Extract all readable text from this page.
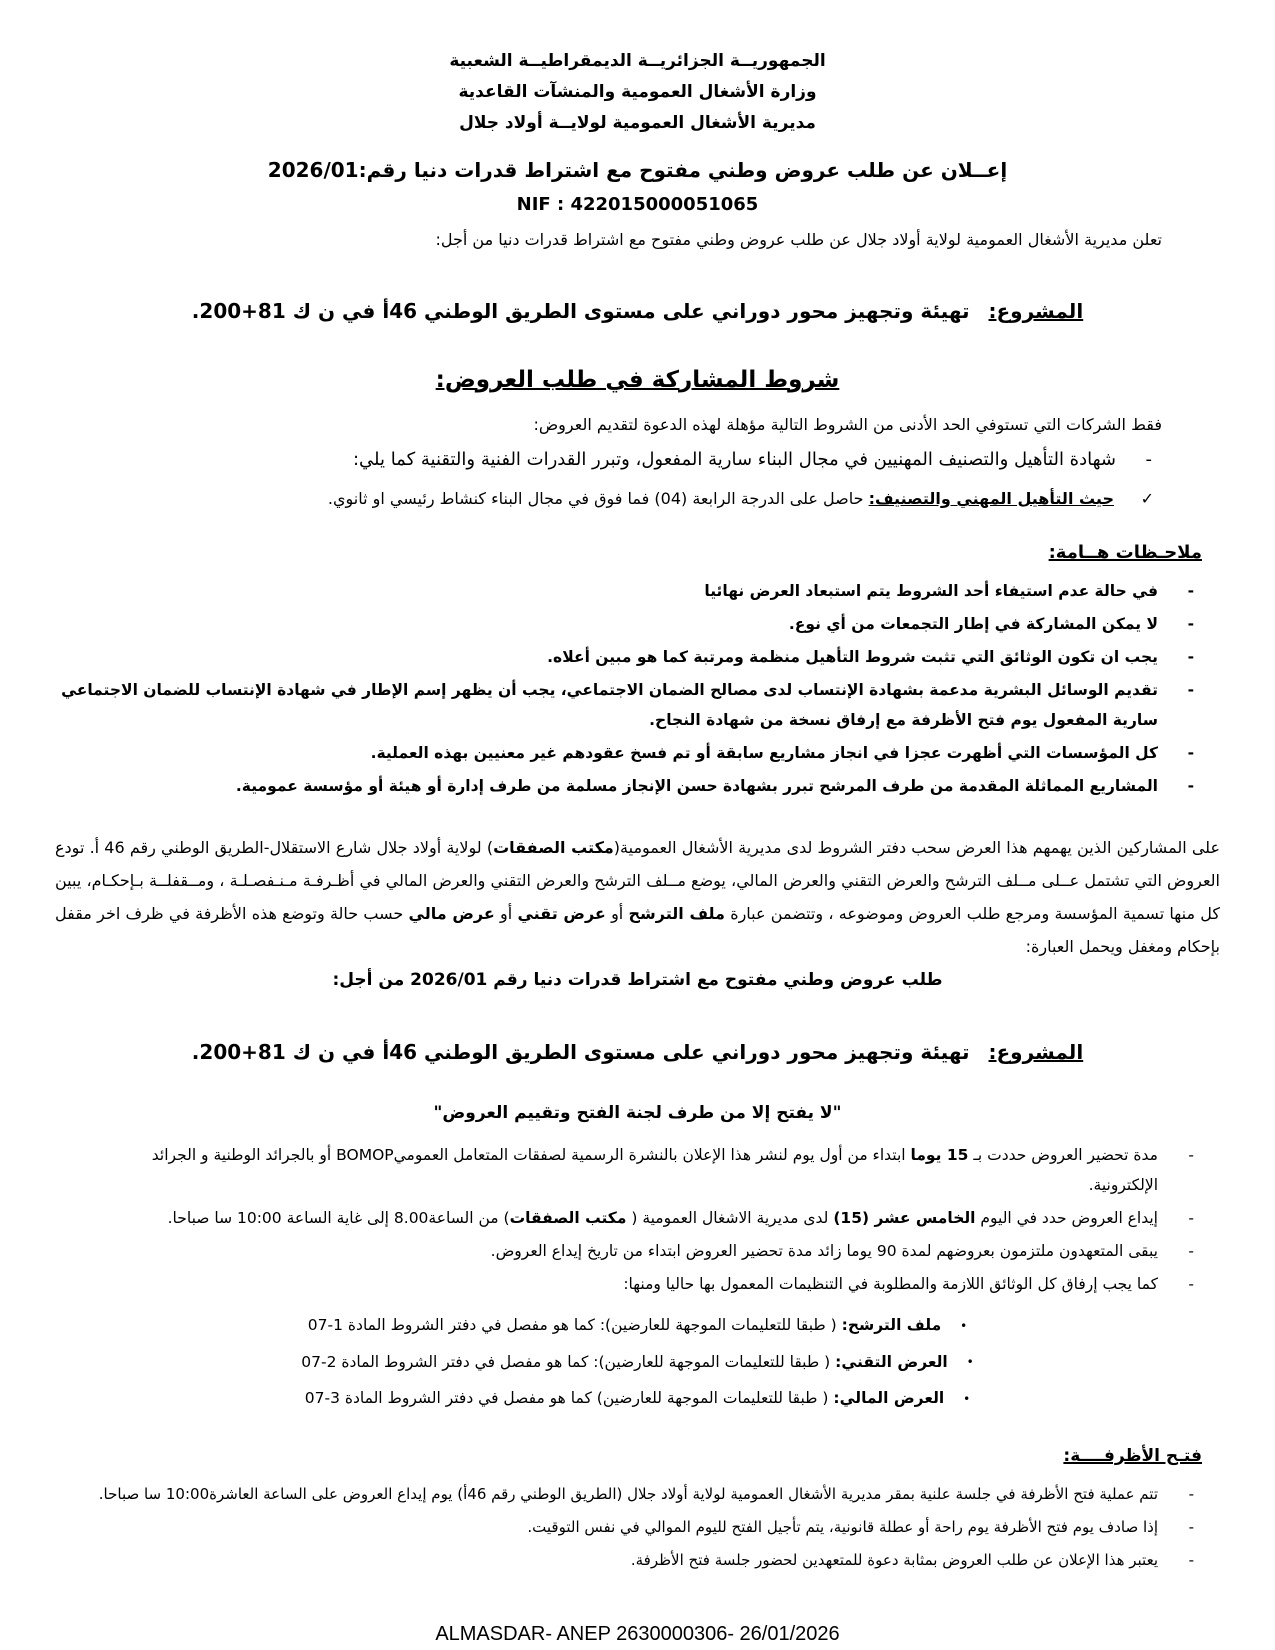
الجمهوريــة الجزائريــة الديمقراطيــة الشعبية
وزارة الأشغال العمومية والمنشآت القاعدية
مديرية الأشغال العمومية لولايــة أولاد جلال
إعــلان عن طلب عروض وطني مفتوح مع اشتراط قدرات دنيا رقم:2026/01
NIF : 422015000051065
تعلن مديرية الأشغال العمومية لولاية أولاد جلال عن طلب عروض وطني مفتوح مع اشتراط قدرات دنيا من أجل:
المشروع: تهيئة وتجهيز محور دوراني على مستوى الطريق الوطني 46أ في ن ك 81+200.
شروط المشاركة في طلب العروض:
فقط الشركات التي تستوفي الحد الأدنى من الشروط التالية مؤهلة لهذه الدعوة لتقديم العروض:
-
شهادة التأهيل والتصنيف المهنيين في مجال البناء سارية المفعول، وتبرر القدرات الفنية والتقنية كما يلي:
✓
حيث التأهيل المهني والتصنيف: حاصل على الدرجة الرابعة (04) فما فوق في مجال البناء كنشاط رئيسي او ثانوي.
ملاحـظات هــامة:
-
في حالة عدم استيفاء أحد الشروط يتم استبعاد العرض نهائيا
-
لا يمكن المشاركة في إطار التجمعات من أي نوع.
-
يجب ان تكون الوثائق التي تثبت شروط التأهيل منظمة ومرتبة كما هو مبين أعلاه.
-
تقديم الوسائل البشرية مدعمة بشهادة الإنتساب لدى مصالح الضمان الاجتماعي، يجب أن يظهر إسم الإطار في شهادة الإنتساب للضمان الاجتماعي سارية المفعول يوم فتح الأظرفة مع إرفاق نسخة من شهادة النجاح.
-
كل المؤسسات التي أظهرت عجزا في انجاز مشاريع سابقة أو تم فسخ عقودهم غير معنيين بهذه العملية.
-
المشاريع المماثلة المقدمة من طرف المرشح تبرر بشهادة حسن الإنجاز مسلمة من طرف إدارة أو هيئة أو مؤسسة عمومية.
على المشاركين الذين يهمهم هذا العرض سحب دفتر الشروط لدى مديرية الأشغال العمومية(مكتب الصفقات) لولاية أولاد جلال شارع الاستقلال-الطريق الوطني رقم 46 أ. تودع العروض التي تشتمل عــلى مــلف الترشح والعرض التقني والعرض المالي، يوضع مــلف الترشح والعرض التقني والعرض المالي في أظـرفـة مـنـفصـلـة ، ومــقفلــة بـإحكـام، يبين كل منها تسمية المؤسسة ومرجع طلب العروض وموضوعه ، وتتضمن عبارة ملف الترشح أو عرض تقني أو عرض مالي حسب حالة وتوضع هذه الأظرفة في ظرف اخر مقفل بإحكام ومغفل ويحمل العبارة:
طلب عروض وطني مفتوح مع اشتراط قدرات دنيا رقم 2026/01 من أجل:
المشروع: تهيئة وتجهيز محور دوراني على مستوى الطريق الوطني 46أ في ن ك 81+200.
"لا يفتح إلا من طرف لجنة الفتح وتقييم العروض"
-
مدة تحضير العروض حددت بـ 15 يوما ابتداء من أول يوم لنشر هذا الإعلان بالنشرة الرسمية لصفقات المتعامل العموميBOMOP أو بالجرائد الوطنية و الجرائد
الإلكترونية.
-
إيداع العروض حدد في اليوم الخامس عشر (15) لدى مديرية الاشغال العمومية ( مكتب الصفقات) من الساعة8.00 إلى غاية الساعة 10:00 سا صباحا.
-
يبقى المتعهدون ملتزمون بعروضهم لمدة 90 يوما زائد مدة تحضير العروض ابتداء من تاريخ إيداع العروض.
-
كما يجب إرفاق كل الوثائق اللازمة والمطلوبة في التنظيمات المعمول بها حاليا ومنها:
• ملف الترشح: ( طبقا للتعليمات الموجهة للعارضين): كما هو مفصل في دفتر الشروط المادة 1-07
• العرض التقني: ( طبقا للتعليمات الموجهة للعارضين): كما هو مفصل في دفتر الشروط المادة 2-07
• العرض المالي: ( طبقا للتعليمات الموجهة للعارضين) كما هو مفصل في دفتر الشروط المادة 3-07
فتـح الأظرفــــة:
-
تتم عملية فتح الأظرفة في جلسة علنية بمقر مديرية الأشغال العمومية لولاية أولاد جلال (الطريق الوطني رقم 46أ) يوم إيداع العروض على الساعة العاشرة10:00 سا صباحا.
-
إذا صادف يوم فتح الأظرفة يوم راحة أو عطلة قانونية، يتم تأجيل الفتح لليوم الموالي في نفس التوقيت.
-
يعتبر هذا الإعلان عن طلب العروض بمثابة دعوة للمتعهدين لحضور جلسة فتح الأظرفة.
ALMASDAR- ANEP 2630000306- 26/01/2026
